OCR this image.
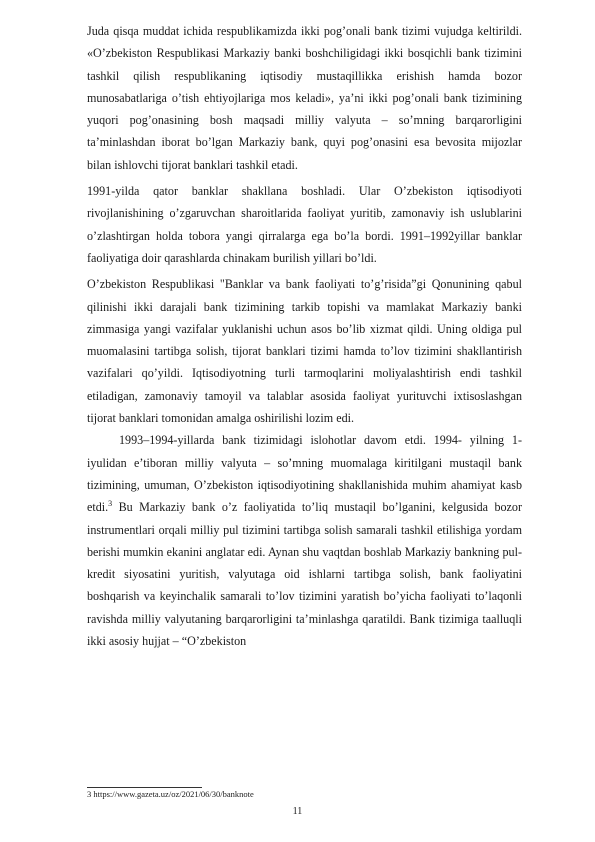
Juda qisqa muddat ichida respublikamizda ikki pog’onali bank tizimi vujudga keltirildi. «O’zbekiston Respublikasi Markaziy banki boshchiligidagi ikki bosqichli bank tizimini tashkil qilish respublikaning iqtisodiy mustaqillikka erishish hamda bozor munosabatlariga o’tish ehtiyojlariga mos keladi», ya’ni ikki pog’onali bank tizimining yuqori pog’onasining bosh maqsadi milliy valyuta – so’mning barqarorligini ta’minlashdan iborat bo’lgan Markaziy bank, quyi pog’onasini esa bevosita mijozlar bilan ishlovchi tijorat banklari tashkil etadi.

1991-yilda qator banklar shakllana boshladi. Ular O’zbekiston iqtisodiyoti rivojlanishining o’zgaruvchan sharoitlarida faoliyat yuritib, zamonaviy ish uslublarini o’zlashtirgan holda tobora yangi qirralarga ega bo’la bordi. 1991–1992yillar banklar faoliyatiga doir qarashlarda chinakam burilish yillari bo’ldi.

O’zbekiston Respublikasi "Banklar va bank faoliyati to’g’risida”gi Qonunining qabul qilinishi ikki darajali bank tizimining tarkib topishi va mamlakat Markaziy banki zimmasiga yangi vazifalar yuklanishi uchun asos bo’lib xizmat qildi. Uning oldiga pul muomalasini tartibga solish, tijorat banklari tizimi hamda to’lov tizimini shakllantirish vazifalari qo’yildi. Iqtisodiyotning turli tarmoqlarini moliyalashtirish endi tashkil etiladigan, zamonaviy tamoyil va talablar asosida faoliyat yurituvchi ixtisoslashgan tijorat banklari tomonidan amalga oshirilishi lozim edi.

1993–1994-yillarda bank tizimidagi islohotlar davom etdi. 1994- yilning 1-iyulidan e’tiboran milliy valyuta – so’mning muomalaga kiritilgani mustaqil bank tizimining, umuman, O’zbekiston iqtisodiyotining shakllanishida muhim ahamiyat kasb etdi.$^3$ Bu Markaziy bank o’z faoliyatida to’liq mustaqil bo’lganini, kelgusida bozor instrumentlari orqali milliy pul tizimini tartibga solish samarali tashkil etilishiga yordam berishi mumkin ekanini anglatar edi. Aynan shu vaqtdan boshlab Markaziy bankning pul-kredit siyosatini yuritish, valyutaga oid ishlarni tartibga solish, bank faoliyatini boshqarish va keyinchalik samarali to’lov tizimini yaratish bo’yicha faoliyati to’laqonli ravishda milliy valyutaning barqarorligini ta’minlashga qaratildi. Bank tizimiga taalluqli ikki asosiy hujjat – “O’zbekiston

3 https://www.gazeta.uz/oz/2021/06/30/banknote
11
